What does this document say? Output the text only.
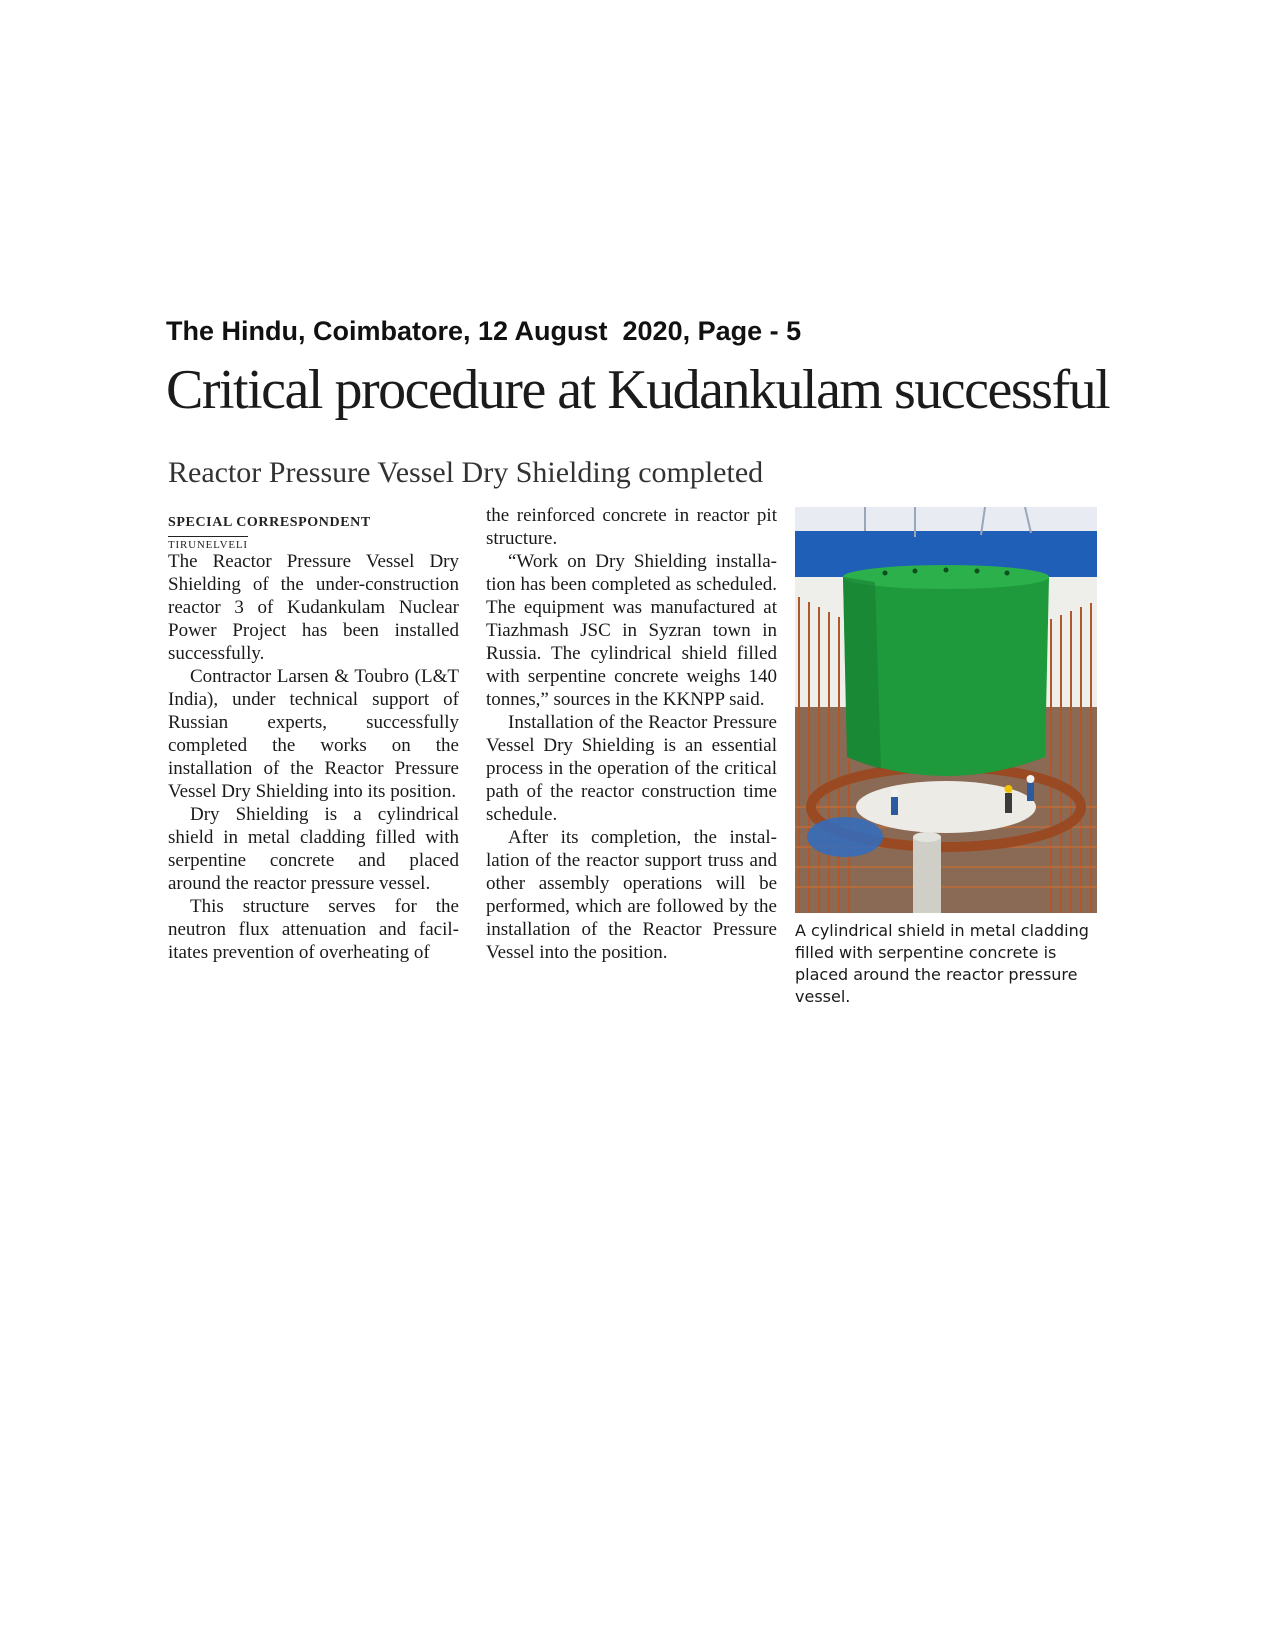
The Hindu, Coimbatore, 12 August  2020, Page - 5
Critical procedure at Kudankulam successful
Reactor Pressure Vessel Dry Shielding completed
SPECIAL CORRESPONDENT
TIRUNELVELI

The Reactor Pressure Vessel Dry Shielding of the under-construction reactor 3 of Kudankulam Nuclear Power Project has been installed successfully.

Contractor Larsen & Toubro (L&T India), under technical support of Russian experts, successfully completed the works on the installation of the Reactor Pressure Vessel Dry Shielding into its position.

Dry Shielding is a cylindrical shield in metal cladding filled with serpentine concrete and placed around the reactor pressure vessel.

This structure serves for the neutron flux attenuation and facilitates prevention of overheating of

the reinforced concrete in reactor pit structure.

“Work on Dry Shielding installation has been completed as scheduled. The equipment was manufactured at Tiazhmash JSC in Syzran town in Russia. The cylindrical shield filled with serpentine concrete weighs 140 tonnes,” sources in the KKNPP said.

Installation of the Reactor Pressure Vessel Dry Shielding is an essential process in the operation of the critical path of the reactor construction time schedule.

After its completion, the installation of the reactor support truss and other assembly operations will be performed, which are followed by the installation of the Reactor Pressure Vessel into the position.

A cylindrical shield in metal cladding filled with serpentine concrete is placed around the reactor pressure vessel.
